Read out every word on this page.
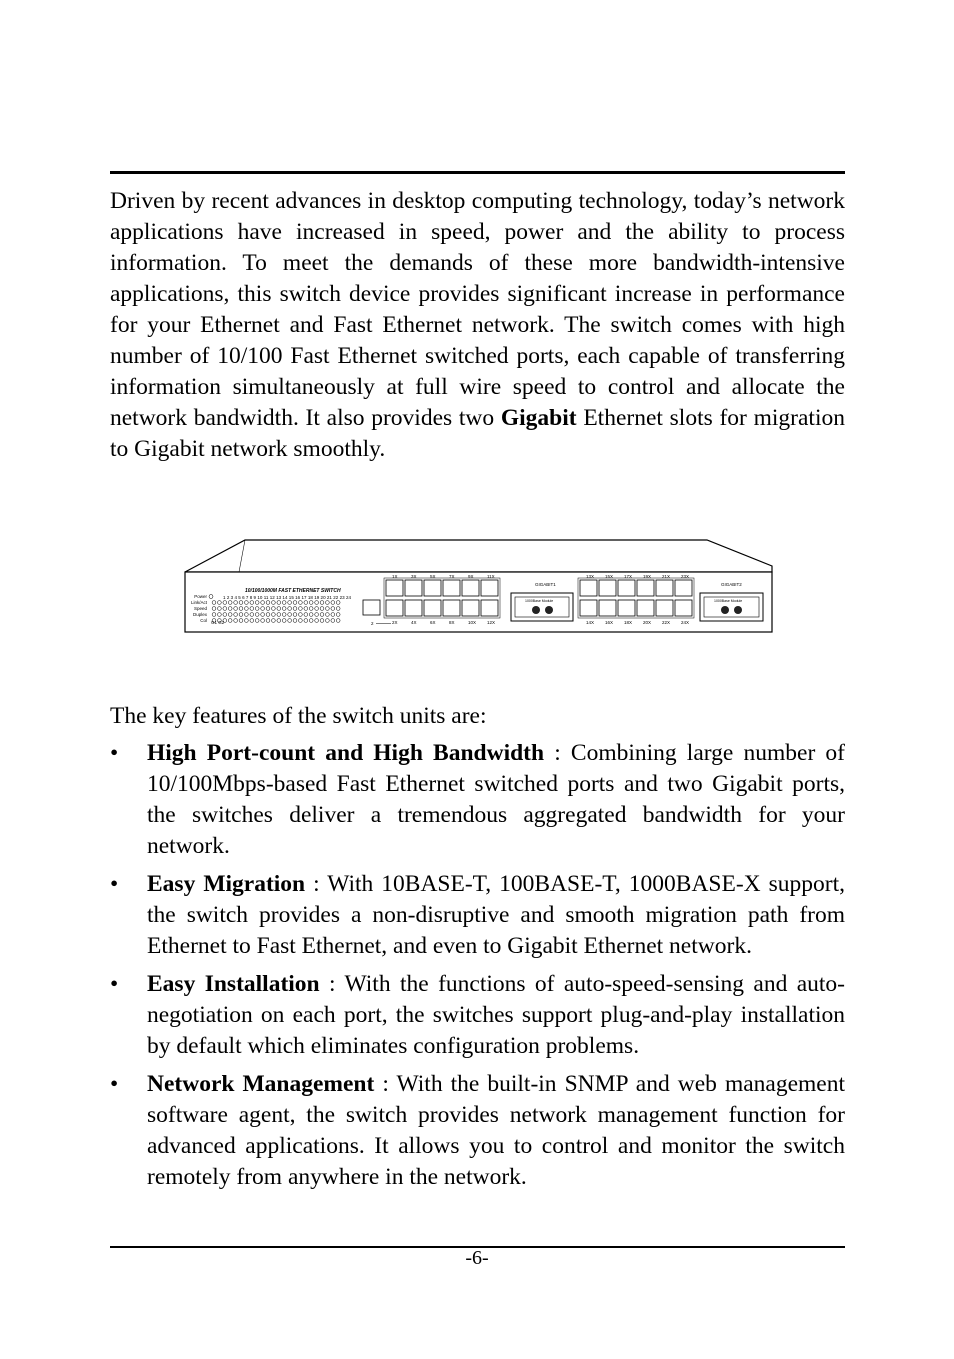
Driven by recent advances in desktop computing technology, today’s network applications have increased in speed, power and the ability to process information. To meet the demands of these more bandwidth-intensive applications, this switch device provides significant increase in performance for your Ethernet and Fast Ethernet network. The switch comes with high number of 10/100 Fast Ethernet switched ports, each capable of transferring information simultaneously at full wire speed to control and allocate the network bandwidth. It also provides two Gigabit Ethernet slots for migration to Gigabit network smoothly.

10/100/1000M FAST ETHERNET SWITCH
Power
Link/Act
Speed
Duplex
Col
1 2 3 4 5 6 7 8 9 10 11 12 13 14 15 16 17 18 19 20 21 22 23 24
G1 G2	2
1X
2X
3X
4X
5X
6X
7X
8X
9X
10X
11X
12X
GIGABIT1
1000Base Module
13X
14X
15X
16X
17X
18X
19X
20X
21X
22X
23X
24X
GIGABIT2
1000Base Module

The key features of the switch units are:

• High Port-count and High Bandwidth : Combining large number of 10/100Mbps-based Fast Ethernet switched ports and two Gigabit ports, the switches deliver a tremendous aggregated bandwidth for your network.
• Easy Migration : With 10BASE-T, 100BASE-T, 1000BASE-X support, the switch provides a non-disruptive and smooth migration path from Ethernet to Fast Ethernet, and even to Gigabit Ethernet network.
• Easy Installation : With the functions of auto-speed-sensing and auto-negotiation on each port, the switches support plug-and-play installation by default which eliminates configuration problems.
• Network Management : With the built-in SNMP and web management software agent, the switch provides network management function for advanced applications. It allows you to control and monitor the switch remotely from anywhere in the network.
-6-
